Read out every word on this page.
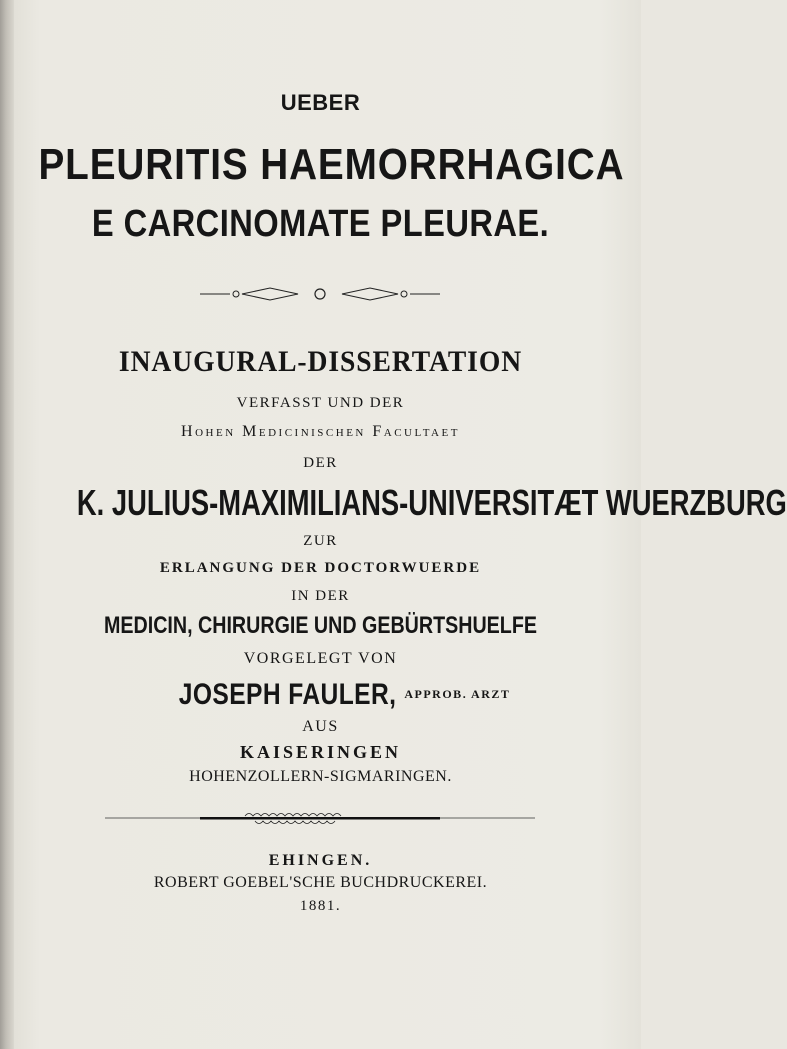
UEBER
PLEURITIS HAEMORRHAGICA
E CARCINOMATE PLEURAE.
INAUGURAL-DISSERTATION
VERFASST UND DER
Hohen Medicinischen Facultaet
DER
K. JULIUS-MAXIMILIANS-UNIVERSITÆT WUERZBURG
ZUR
ERLANGUNG DER DOCTORWUERDE
IN DER
MEDICIN, CHIRURGIE UND GEBÜRTSHUELFE
VORGELEGT VON
JOSEPH FAULER, $^{APPROB. ARZT}$
AUS
KAISERINGEN
HOHENZOLLERN-SIGMARINGEN.
EHINGEN.
ROBERT GOEBEL'SCHE BUCHDRUCKEREI.
1881.
